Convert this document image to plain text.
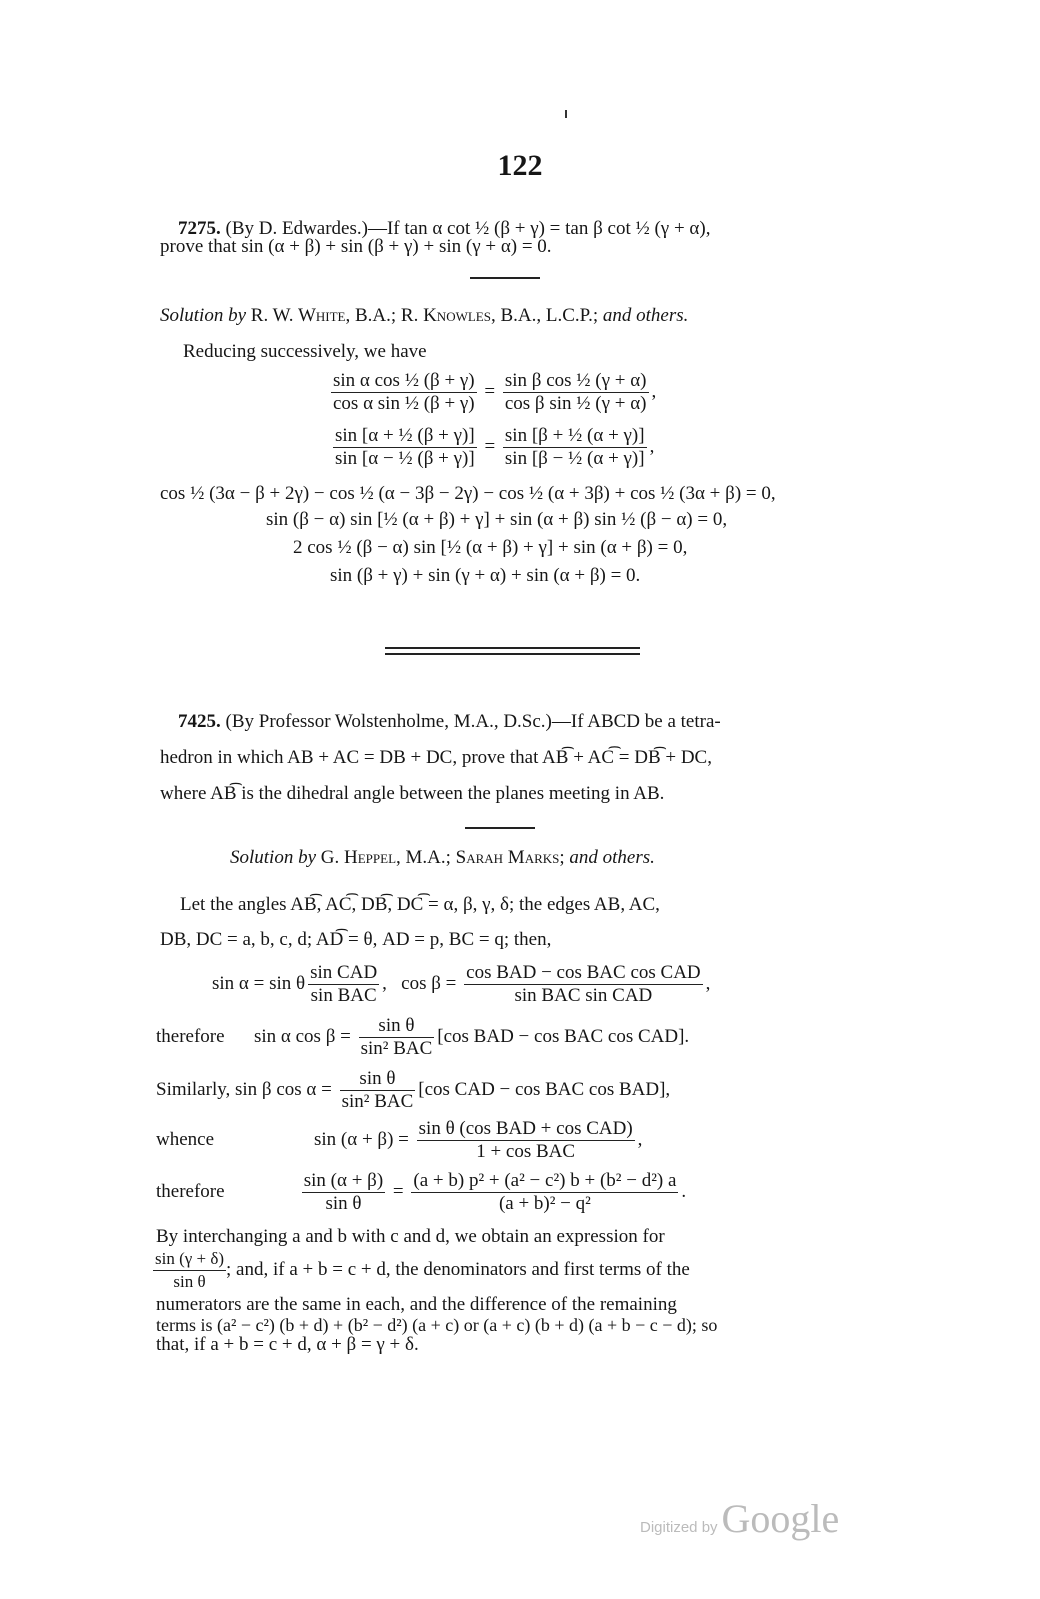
122
7275. (By D. Edwardes.)—If tan α cot ½ (β + γ) = tan β cot ½ (γ + α),
prove that sin (α + β) + sin (β + γ) + sin (γ + α) = 0.
Solution by R. W. White, B.A.; R. Knowles, B.A., L.C.P.; and others.
Reducing successively, we have
$\frac{\text{sin α cos ½ (β + γ)}}{\text{cos α sin ½ (β + γ)}} = \frac{\text{sin β cos ½ (γ + α)}}{\text{cos β sin ½ (γ + α)}}$ ,
$\frac{\text{sin [α + ½ (β + γ)]}}{\text{sin [α − ½ (β + γ)]}} = \frac{\text{sin [β + ½ (α + γ)]}}{\text{sin [β − ½ (α + γ)]}}$ ,
cos ½ (3α − β + 2γ) − cos ½ (α − 3β − 2γ) − cos ½ (α + 3β) + cos ½ (3α + β) = 0,
sin (β − α) sin [½ (α + β) + γ] + sin (α + β) sin ½ (β − α) = 0,
2 cos ½ (β − α) sin [½ (α + β) + γ] + sin (α + β) = 0,
sin (β + γ) + sin (γ + α) + sin (α + β) = 0.
7425. (By Professor Wolstenholme, M.A., D.Sc.)—If ABCD be a tetra-
hedron in which AB + AC = DB + DC, prove that AB͡ + AC͡ = DB͡ + DC,
where AB͡ is the dihedral angle between the planes meeting in AB.
Solution by G. Heppel, M.A.; Sarah Marks; and others.
Let the angles AB͡, AC͡, DB͡, DC͡ = α, β, γ, δ; the edges AB, AC,
DB, DC = a, b, c, d; AD͡ = θ, AD = p, BC = q; then,
sin α = sin θ $\frac{\text{sin CAD}}{\text{sin BAC}}$ , $\cos \beta = \frac{\text{cos BAD − cos BAC cos CAD}}{\text{sin BAC sin CAD}}$ ,
therefore sin α $\cos \beta = \frac{\text{sin θ}}{\text{sin² BAC}} [\cos$ BAD − cos BAC cos CAD].
Similarly, sin β $\cos \alpha = \frac{\text{sin θ}}{\text{sin² BAC}} [\cos$ CAD − cos BAC cos BAD],
whence	$\sin (\alpha + \beta) = \frac{\text{sin θ (cos BAD + cos CAD)}}{\text{1 + cos BAC}}$ ,
therefore	$\frac{\sin (\alpha + \beta)}{\text{sin θ}} = \frac{\text{(a + b) p² + (a² − c²) b + (b² − d²) a}}{\text{(a + b)² − q²}}$ .
By interchanging a and b with c and d, we obtain an expression for
$\frac{\sin (\gamma + \delta)}{\text{sin θ}}$ ; and, if a + b = c + d, the denominators and first terms of the
numerators are the same in each, and the difference of the remaining
terms is (a² − c²) (b + d) + (b² − d²) (a + c) or (a + c) (b + d) (a + b − c − d); so
that, if a + b = c + d, α + β = γ + δ.
Digitized by Google
